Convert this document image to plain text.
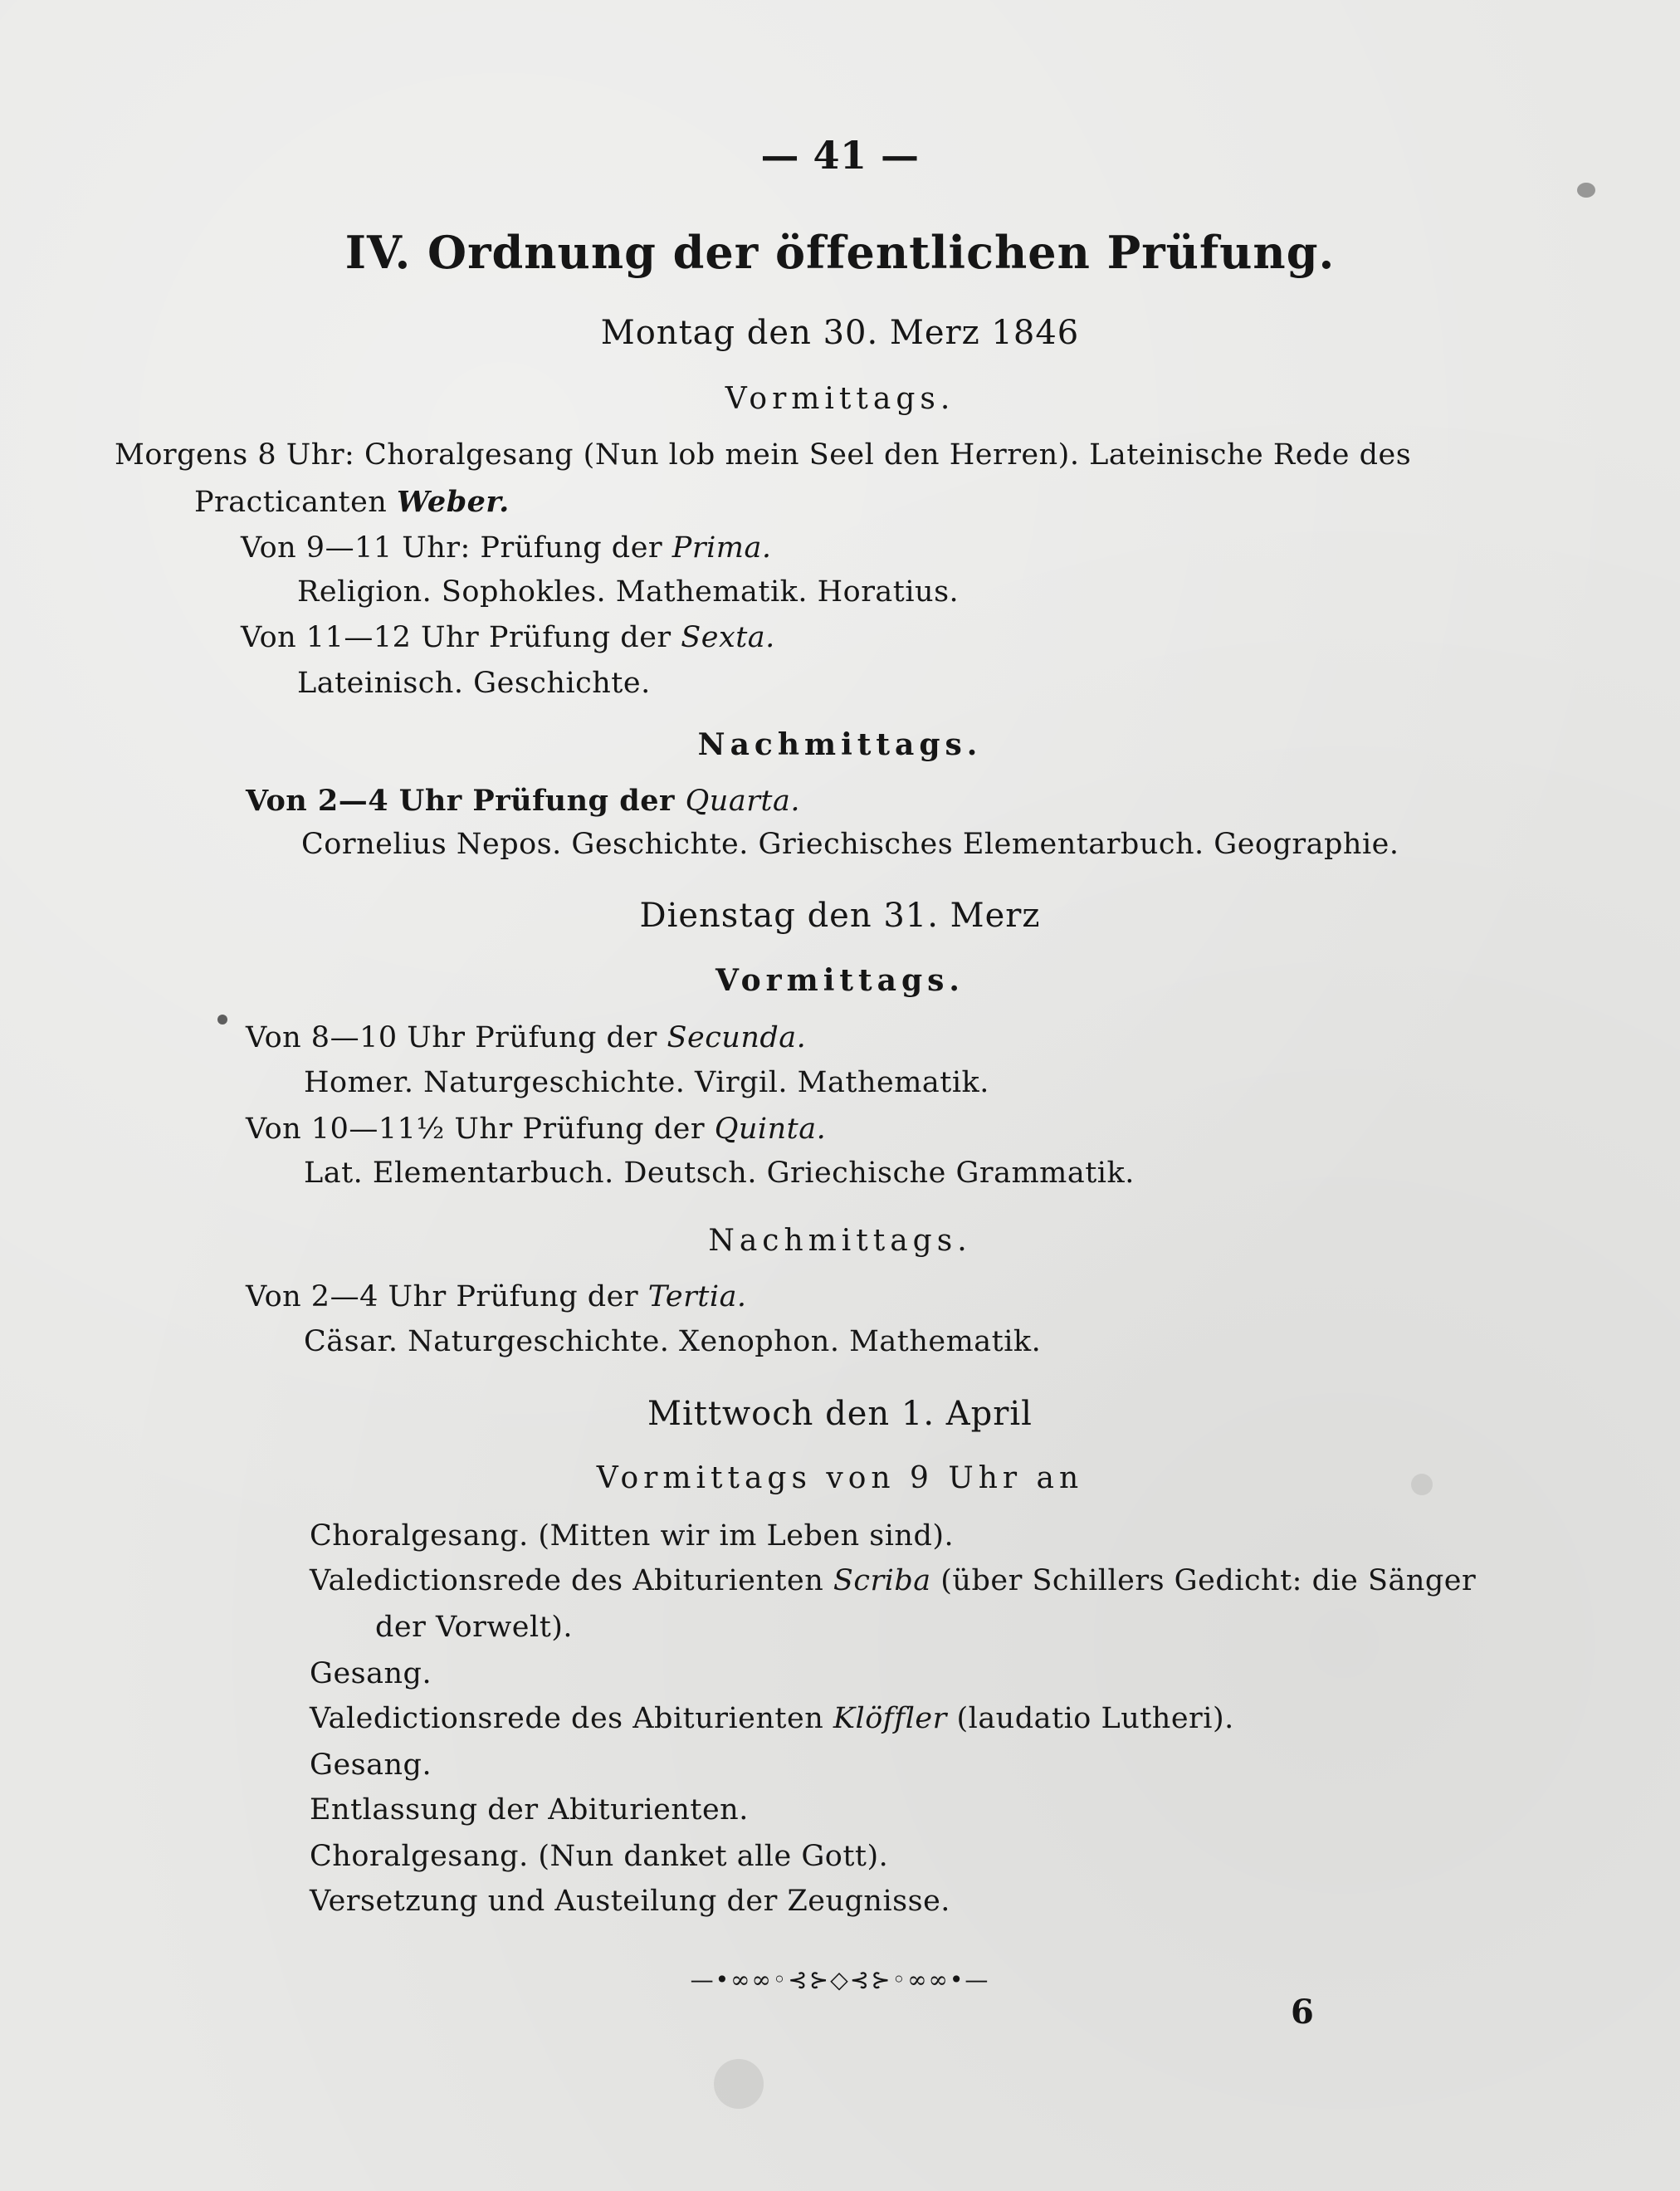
— 41 —
IV. Ordnung der öffentlichen Prüfung.
Montag den 30. Merz 1846
Vormittags.
Morgens 8 Uhr: Choralgesang (Nun lob mein Seel den Herren). Lateinische Rede des
Practicanten Weber.
Von 9—11 Uhr: Prüfung der Prima.
Religion. Sophokles. Mathematik. Horatius.
Von 11—12 Uhr Prüfung der Sexta.
Lateinisch. Geschichte.
Nachmittags.
Von 2—4 Uhr Prüfung der Quarta.
Cornelius Nepos. Geschichte. Griechisches Elementarbuch. Geographie.
Dienstag den 31. Merz
Vormittags.
Von 8—10 Uhr Prüfung der Secunda.
Homer. Naturgeschichte. Virgil. Mathematik.
Von 10—11½ Uhr Prüfung der Quinta.
Lat. Elementarbuch. Deutsch. Griechische Grammatik.
Nachmittags.
Von 2—4 Uhr Prüfung der Tertia.
Cäsar. Naturgeschichte. Xenophon. Mathematik.
Mittwoch den 1. April
Vormittags von 9 Uhr an
Choralgesang. (Mitten wir im Leben sind).
Valedictionsrede des Abiturienten Scriba (über Schillers Gedicht: die Sänger
der Vorwelt).
Gesang.
Valedictionsrede des Abiturienten Klöffler (laudatio Lutheri).
Gesang.
Entlassung der Abiturienten.
Choralgesang. (Nun danket alle Gott).
Versetzung und Austeilung der Zeugnisse.
—•∞∞◦⊰⊱◇⊰⊱◦∞∞•—
6
